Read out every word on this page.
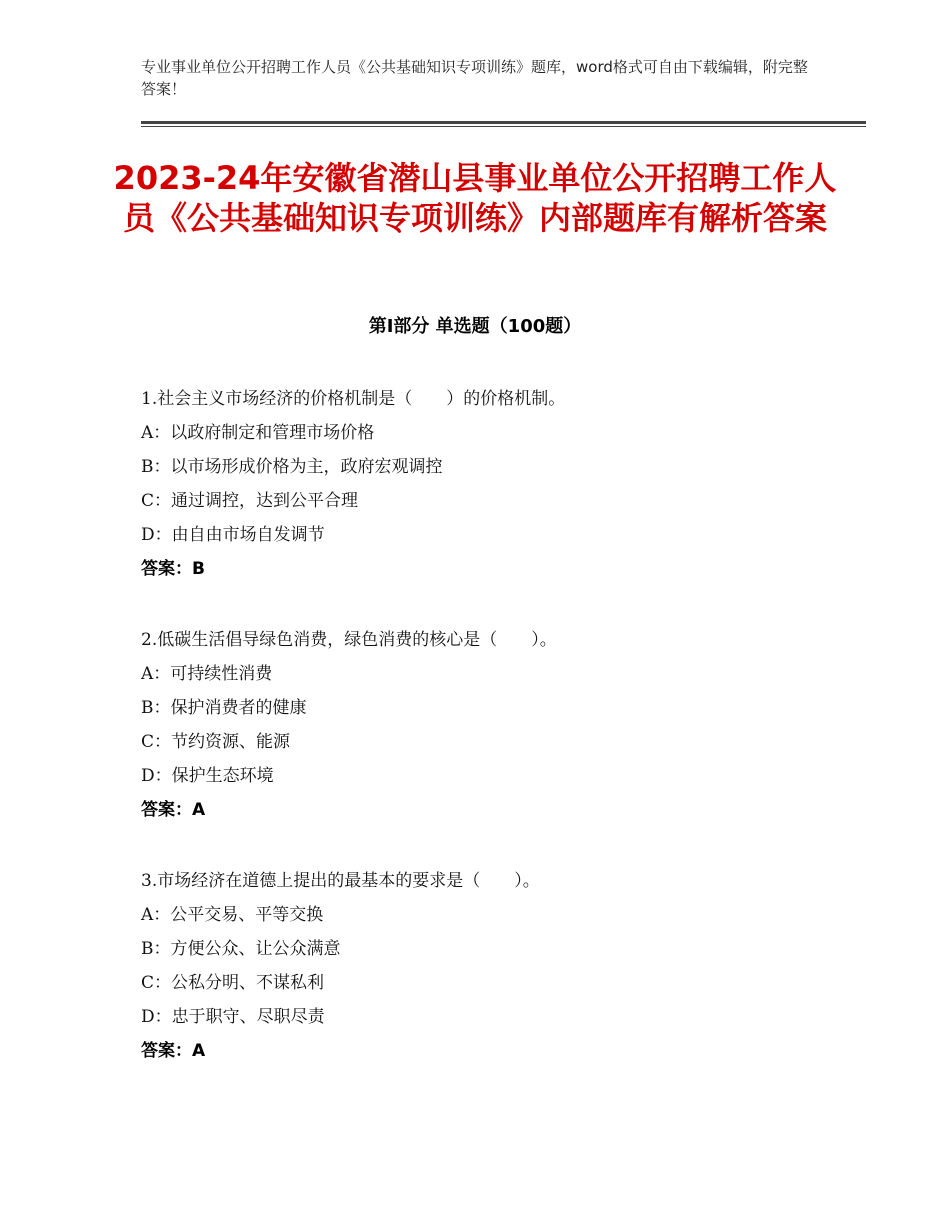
专业事业单位公开招聘工作人员《公共基础知识专项训练》题库，word格式可自由下载编辑，附完整答案！
2023-24年安徽省潜山县事业单位公开招聘工作人员《公共基础知识专项训练》内部题库有解析答案
第Ⅰ部分 单选题（100题）
1.社会主义市场经济的价格机制是（　　）的价格机制。
A：以政府制定和管理市场价格
B：以市场形成价格为主，政府宏观调控
C：通过调控，达到公平合理
D：由自由市场自发调节
答案：B
2.低碳生活倡导绿色消费，绿色消费的核心是（　　）。
A：可持续性消费
B：保护消费者的健康
C：节约资源、能源
D：保护生态环境
答案：A
3.市场经济在道德上提出的最基本的要求是（　　）。
A：公平交易、平等交换
B：方便公众、让公众满意
C：公私分明、不谋私利
D：忠于职守、尽职尽责
答案：A
